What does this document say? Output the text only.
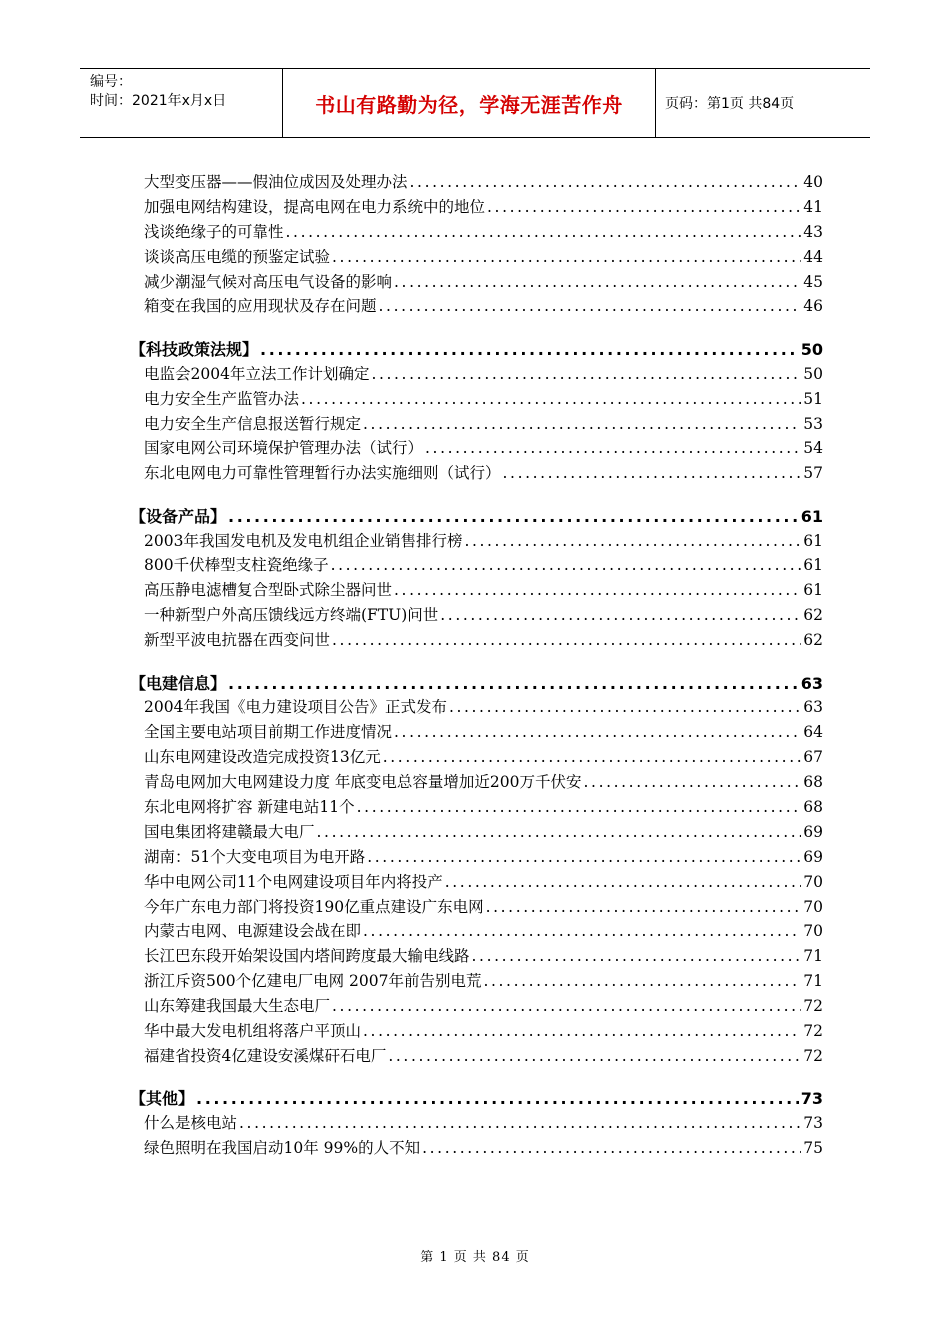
编号：
时间：2021年x月x日	书山有路勤为径，学海无涯苦作舟	页码：第1页 共84页
大型变压器——假油位成因及处理办法 .....	40
加强电网结构建设，提高电网在电力系统中的地位 .....	41
浅谈绝缘子的可靠性 .....	43
谈谈高压电缆的预鉴定试验 .....	44
减少潮湿气候对高压电气设备的影响 .....	45
箱变在我国的应用现状及存在问题 .....	46
【科技政策法规】 .....	50
电监会2004年立法工作计划确定 .....	50
电力安全生产监管办法 .....	51
电力安全生产信息报送暂行规定 .....	53
国家电网公司环境保护管理办法（试行） .....	54
东北电网电力可靠性管理暂行办法实施细则（试行） .....	57
【设备产品】 .....	61
2003年我国发电机及发电机组企业销售排行榜 .....	61
800千伏棒型支柱瓷绝缘子 .....	61
高压静电滤槽复合型卧式除尘器问世 .....	61
一种新型户外高压馈线远方终端(FTU)问世 .....	62
新型平波电抗器在西变问世 .....	62
【电建信息】 .....	63
2004年我国《电力建设项目公告》正式发布 .....	63
全国主要电站项目前期工作进度情况 .....	64
山东电网建设改造完成投资13亿元 .....	67
青岛电网加大电网建设力度 年底变电总容量增加近200万千伏安 .....	68
东北电网将扩容 新建电站11个 .....	68
国电集团将建赣最大电厂 .....	69
湖南：51个大变电项目为电开路 .....	69
华中电网公司11个电网建设项目年内将投产 .....	70
今年广东电力部门将投资190亿重点建设广东电网 .....	70
内蒙古电网、电源建设会战在即 .....	70
长江巴东段开始架设国内塔间跨度最大输电线路 .....	71
浙江斥资500个亿建电厂电网 2007年前告别电荒 .....	71
山东筹建我国最大生态电厂 .....	72
华中最大发电机组将落户平顶山 .....	72
福建省投资4亿建设安溪煤矸石电厂 .....	72
【其他】 .....	73
什么是核电站 .....	73
绿色照明在我国启动10年 99%的人不知 .....	75
第 1 页 共 84 页
